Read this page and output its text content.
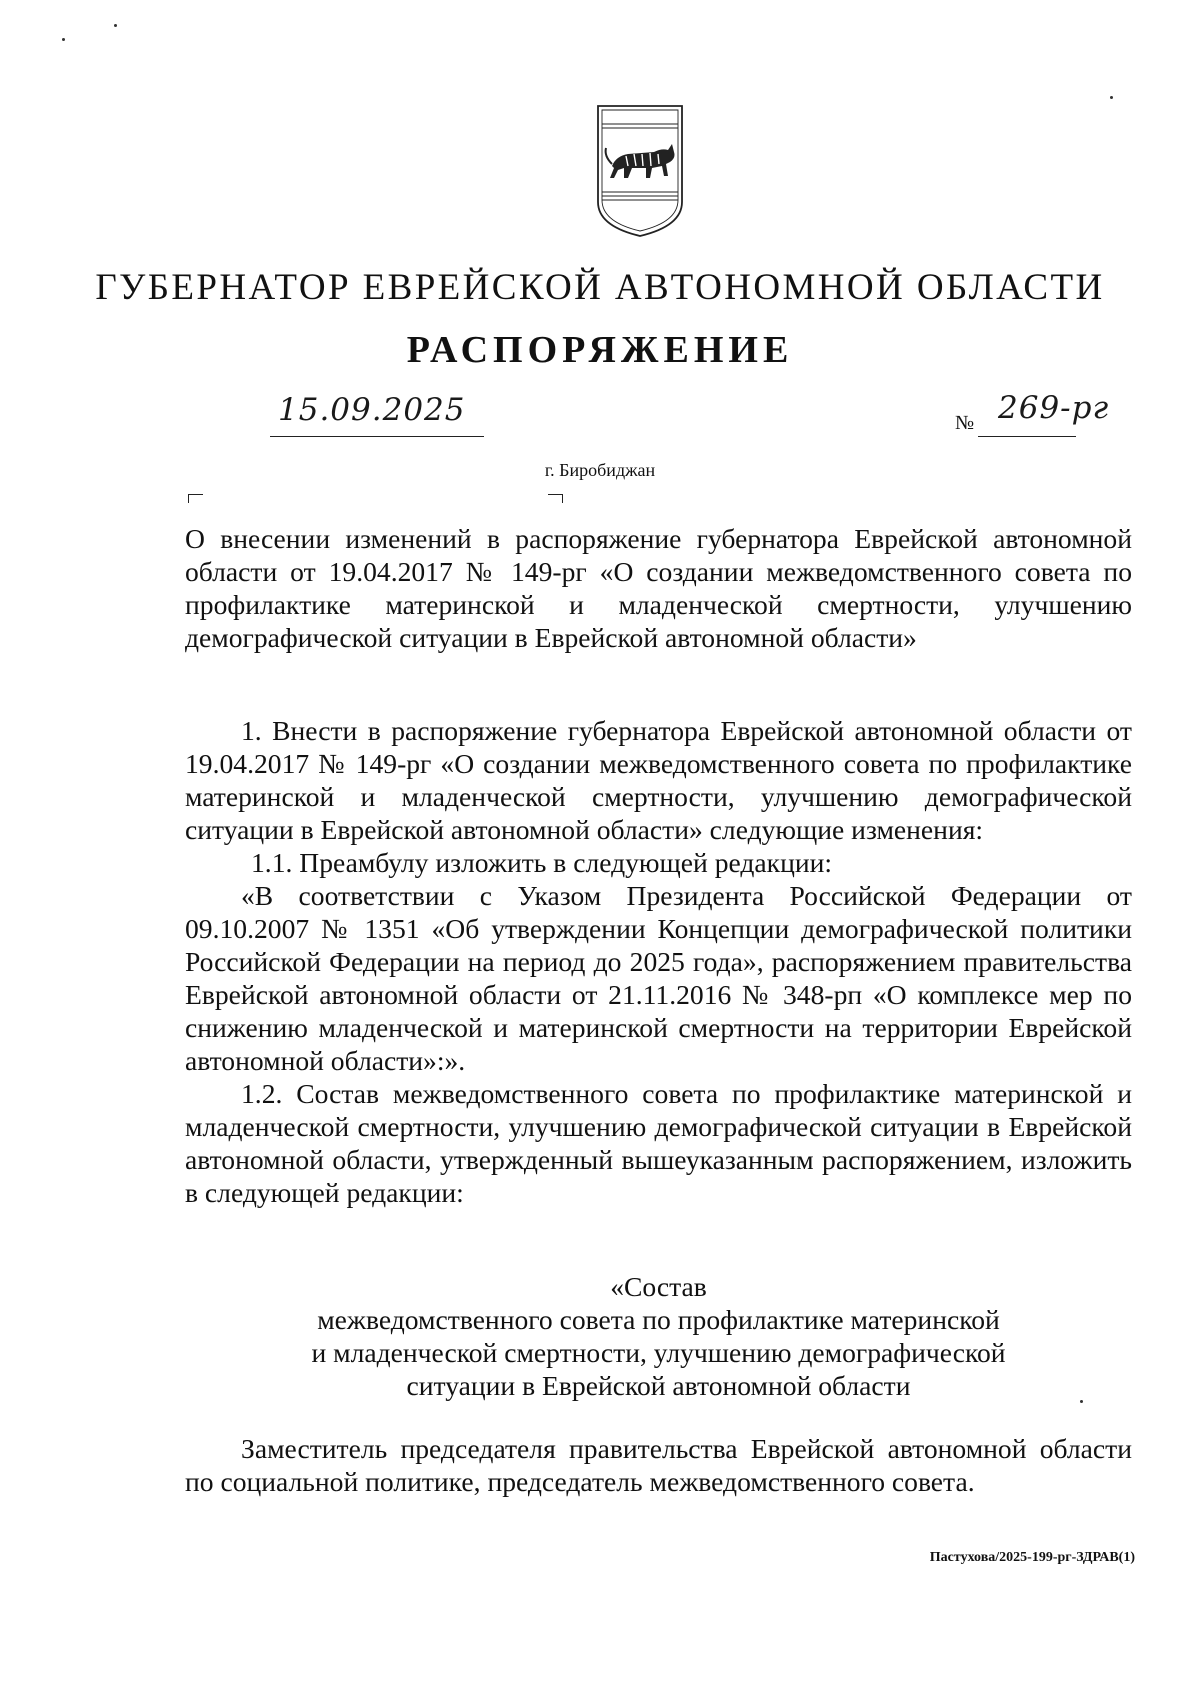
ГУБЕРНАТОР ЕВРЕЙСКОЙ АВТОНОМНОЙ ОБЛАСТИ
РАСПОРЯЖЕНИЕ
15.09.2025	№ 269-рг
г. Биробиджан
О внесении изменений в распоряжение губернатора Еврейской автономной области от 19.04.2017 № 149-рг «О создании межведомственного совета по профилактике материнской и младенческой смертности, улучшению демографической ситуации в Еврейской автономной области»

1. Внести в распоряжение губернатора Еврейской автономной области от 19.04.2017 № 149-рг «О создании межведомственного совета по профилактике материнской и младенческой смертности, улучшению демографической ситуации в Еврейской автономной области» следующие изменения:

1.1. Преамбулу изложить в следующей редакции:

«В соответствии с Указом Президента Российской Федерации от 09.10.2007 № 1351 «Об утверждении Концепции демографической политики Российской Федерации на период до 2025 года», распоряжением правительства Еврейской автономной области от 21.11.2016 № 348-рп «О комплексе мер по снижению младенческой и материнской смертности на территории Еврейской автономной области»:».

1.2. Состав межведомственного совета по профилактике материнской и младенческой смертности, улучшению демографической ситуации в Еврейской автономной области, утвержденный вышеуказанным распоряжением, изложить в следующей редакции:

«Состав

межведомственного совета по профилактике материнской

и младенческой смертности, улучшению демографической

ситуации в Еврейской автономной области

Заместитель председателя правительства Еврейской автономной области по социальной политике, председатель межведомственного совета.

Пастухова/2025-199-рг-ЗДРАВ(1)
